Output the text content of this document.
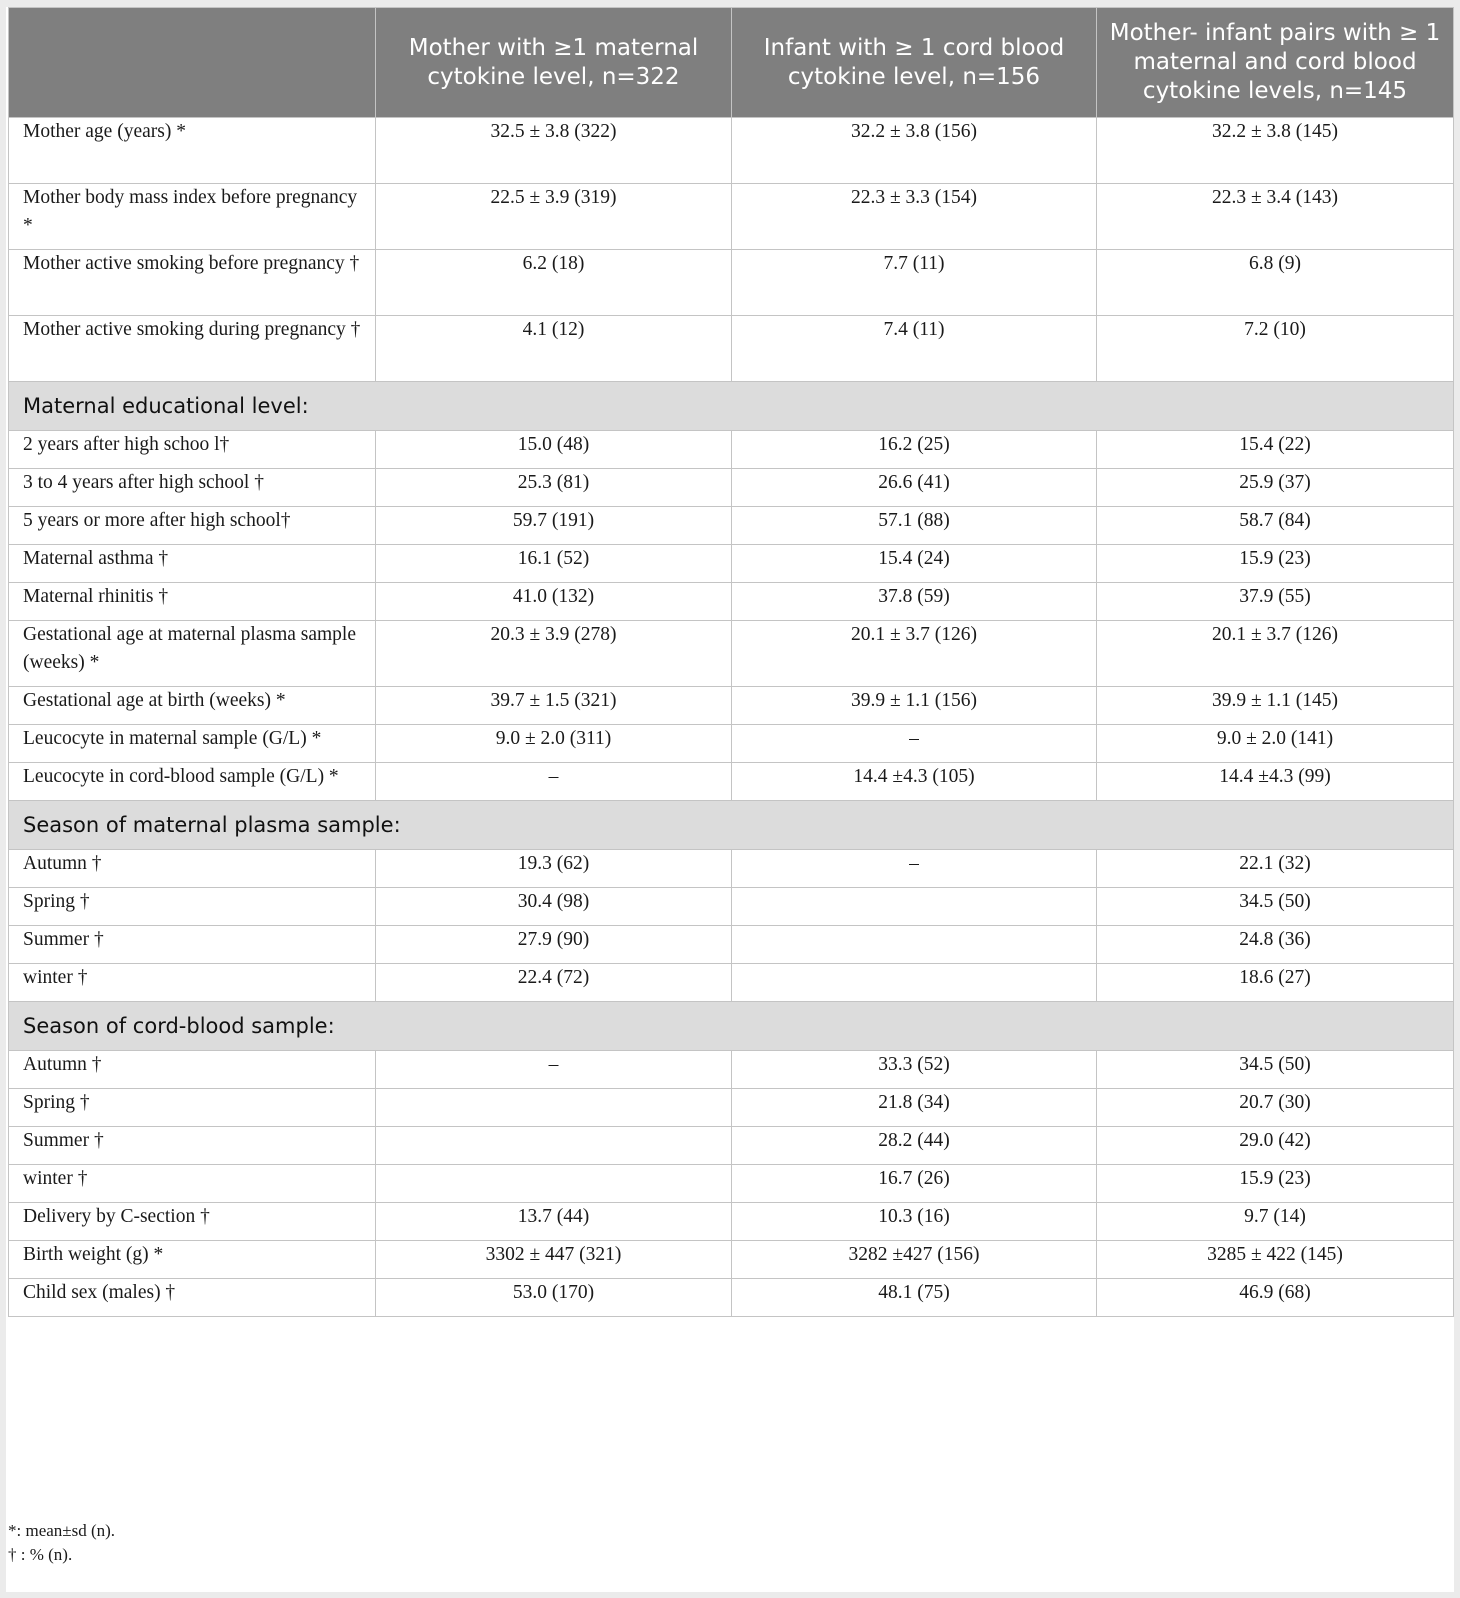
	Mother with ≥1 maternal cytokine level, n=322	Infant with ≥ 1 cord blood cytokine level, n=156	Mother- infant pairs with ≥ 1 maternal and cord blood cytokine levels, n=145
Mother age (years) *	32.5 ± 3.8 (322)	32.2 ± 3.8 (156)	32.2 ± 3.8 (145)
Mother body mass index before pregnancy *	22.5 ± 3.9 (319)	22.3 ± 3.3 (154)	22.3 ± 3.4 (143)
Mother active smoking before pregnancy †	6.2 (18)	7.7 (11)	6.8 (9)
Mother active smoking during pregnancy †	4.1 (12)	7.4 (11)	7.2 (10)
Maternal educational level:			
2 years after high schoo l†	15.0 (48)	16.2 (25)	15.4 (22)
3 to 4 years after high school †	25.3 (81)	26.6 (41)	25.9 (37)
5 years or more after high school†	59.7 (191)	57.1 (88)	58.7 (84)
Maternal asthma †	16.1 (52)	15.4 (24)	15.9 (23)
Maternal rhinitis †	41.0 (132)	37.8 (59)	37.9 (55)
Gestational age at maternal plasma sample (weeks) *	20.3 ± 3.9 (278)	20.1 ± 3.7 (126)	20.1 ± 3.7 (126)
Gestational age at birth (weeks) *	39.7 ± 1.5 (321)	39.9 ± 1.1 (156)	39.9 ± 1.1 (145)
Leucocyte in maternal sample (G/L) *	9.0 ± 2.0 (311)	–	9.0 ± 2.0 (141)
Leucocyte in cord-blood sample (G/L) *	–	14.4 ±4.3 (105)	14.4 ±4.3 (99)
Season of maternal plasma sample:			
Autumn †	19.3 (62)	–	22.1 (32)
Spring †	30.4 (98)		34.5 (50)
Summer †	27.9 (90)		24.8 (36)
winter †	22.4 (72)		18.6 (27)
Season of cord-blood sample:			
Autumn †	–	33.3 (52)	34.5 (50)
Spring †		21.8 (34)	20.7 (30)
Summer †		28.2 (44)	29.0 (42)
winter †		16.7 (26)	15.9 (23)
Delivery by C-section †	13.7 (44)	10.3 (16)	9.7 (14)
Birth weight (g) *	3302 ± 447 (321)	3282 ±427 (156)	3285 ± 422 (145)
Child sex (males) †	53.0 (170)	48.1 (75)	46.9 (68)
*: mean±sd (n).
† : % (n).
